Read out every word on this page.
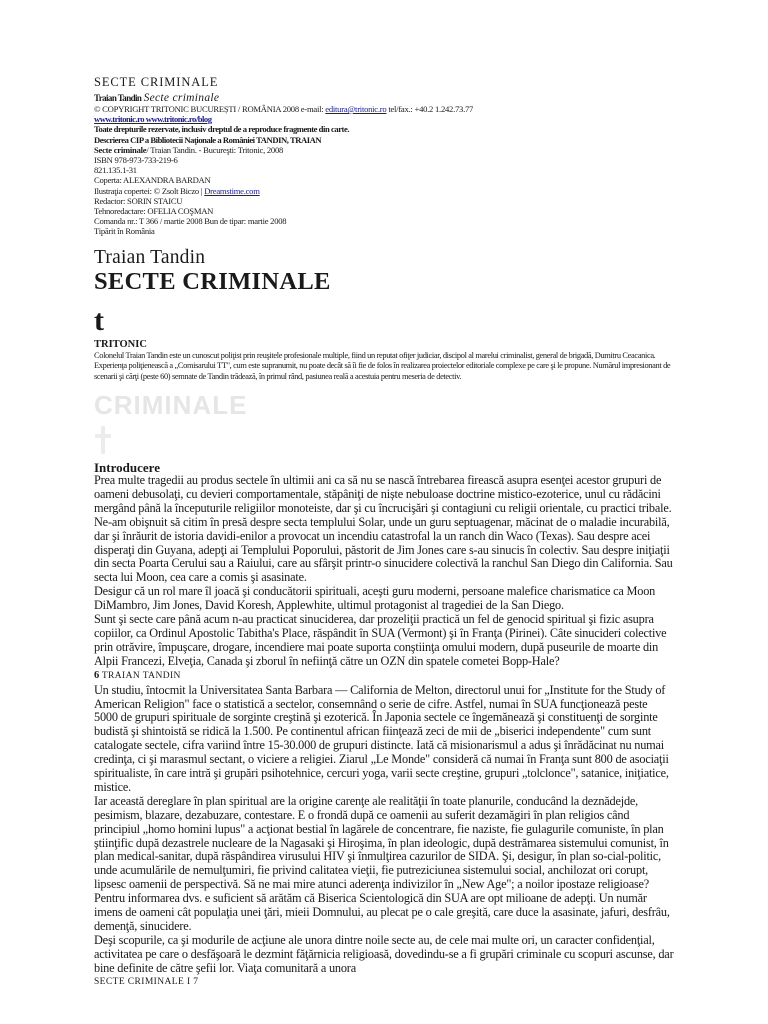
SECTE CRIMINALE
Traian Tandin Secte criminale
© COPYRIGHT TRITONIC BUCUREȘTI / ROMÂNIA 2008 e-mail: editura@tritonic.ro tel/fax.: +40.2 1.242.73.77
www.tritonic.ro www.tritonic.ro/blog
Toate drepturile rezervate, inclusiv dreptul de a reproduce fragmente din carte.
Descrierea CIP a Bibliotecii Naţionale a României TANDIN, TRAIAN
Secte criminale/ Traian Tandin. - Bucureşti: Tritonic, 2008
ISBN 978-973-733-219-6
821.135.1-31
Coperta: ALEXANDRA BARDAN
Ilustraţia copertei: © Zsolt Biczo | Dreamstime.com
Redactor: SORIN STAICU
Tehnoredactare: OFELIA COŞMAN
Comanda nr.: T 366 / martie 2008 Bun de tipar: martie 2008
Tipărit în România
Traian Tandin
SECTE CRIMINALE
t
TRITONIC
Colonelul Traian Tandin este un cunoscut poliţist prin reuşitele profesionale multiple, fiind un reputat ofiţer judiciar, discipol al marelui criminalist, general de brigadă, Dumitru Ceacanica. Experienţa poliţienească a „Comisarului TT", cum este supranumit, nu poate decât să îi fie de folos în realizarea proiectelor editoriale complexe pe care şi le propune. Numărul impresionant de scenarii şi cărţi (peste 60) semnate de Tandin trădează, în primul rând, pasiunea reală a acestuia pentru meseria de detectiv.
CRIMINALE
Introducere

Prea multe tragedii au produs sectele în ultimii ani ca să nu se nască întrebarea firească asupra esenţei acestor grupuri de oameni debusolaţi, cu devieri comportamentale, stăpâniţi de niște nebuloase doctrine mistico-ezoterice, unul cu rădăcini mergând până la începuturile religiilor monoteiste, dar şi cu încrucişări şi contagiuni cu religii orientale, cu practici tribale.

Ne-am obişnuit să citim în presă despre secta templului Solar, unde un guru septuagenar, măcinat de o maladie incurabilă, dar şi înrăurit de istoria davidi-enilor a provocat un incendiu catastrofal la un ranch din Waco (Texas). Sau despre acei disperaţi din Guyana, adepţi ai Templului Poporului, păstorit de Jim Jones care s-au sinucis în colectiv. Sau despre iniţiaţii din secta Poarta Cerului sau a Raiului, care au sfârşit printr-o sinucidere colectivă la ranchul San Diego din California. Sau secta lui Moon, cea care a comis şi asasinate.

Desigur că un rol mare îl joacă şi conducătorii spirituali, aceşti guru moderni, persoane malefice charismatice ca Moon DiMambro, Jim Jones, David Koresh, Applewhite, ultimul protagonist al tragediei de la San Diego.

Sunt şi secte care până acum n-au practicat sinuciderea, dar prozeliţii practică un fel de genocid spiritual şi fizic asupra copiilor, ca Ordinul Apostolic Tabitha's Place, răspândit în SUA (Vermont) şi în Franţa (Pirinei). Câte sinucideri colective prin otrăvire, împuşcare, drogare, incendiere mai poate suporta conştiinţa omului modern, după puseurile de moarte din Alpii Francezi, Elveţia, Canada şi zborul în nefiinţă către un OZN din spatele cometei Bopp-Hale?

6 TRAIAN TANDIN

Un studiu, întocmit la Universitatea Santa Barbara — California de Melton, directorul unui for „Institute for the Study of American Religion" face o statistică a sectelor, consemnând o serie de cifre. Astfel, numai în SUA funcţionează peste 5000 de grupuri spirituale de sorginte creştină şi ezoterică. În Japonia sectele ce îngemănează şi constituenţi de sorginte budistă şi shintoistă se ridică la 1.500. Pe continentul african fiinţează zeci de mii de „biserici independente" cum sunt catalogate sectele, cifra variind între 15-30.000 de grupuri distincte. Iată că misionarismul a adus şi înrădăcinat nu numai credinţa, ci şi marasmul sectant, o viciere a religiei. Ziarul „Le Monde" consideră că numai în Franţa sunt 800 de asociaţii spiritualiste, în care intră şi grupări psihotehnice, cercuri yoga, varii secte creştine, grupuri „tolclonce", satanice, iniţiatice, mistice.

Iar această dereglare în plan spiritual are la origine carenţe ale realităţii în toate planurile, conducând la deznădejde, pesimism, blazare, dezabuzare, contestare. E o frondă după ce oamenii au suferit dezamăgiri în plan religios când principiul „homo homini lupus" a acţionat bestial în lagărele de concentrare, fie naziste, fie gulagurile comuniste, în plan ştiinţific după dezastrele nucleare de la Nagasaki şi Hiroşima, în plan ideologic, după destrămarea sistemului comunist, în plan medical-sanitar, după răspândirea virusului HIV şi înmulţirea cazurilor de SIDA. Şi, desigur, în plan so-cial-politic, unde acumulările de nemulţumiri, fie privind calitatea vieţii, fie putreziciunea sistemului social, anchilozat ori corupt, lipsesc oamenii de perspectivă. Să ne mai mire atunci aderenţa indivizilor în „New Age"; a noilor ipostaze religioase? Pentru informarea dvs. e suficient să arătăm că Biserica Scientologică din SUA are opt milioane de adepţi. Un număr imens de oameni cât populaţia unei ţări, mieii Domnului, au plecat pe o cale greşită, care duce la asasinate, jafuri, desfrâu, demenţă, sinucidere.

Deşi scopurile, ca şi modurile de acţiune ale unora dintre noile secte au, de cele mai multe ori, un caracter confidenţial, activitatea pe care o desfăşoară le dezmint făţărnicia religioasă, dovedindu-se a fi grupări criminale cu scopuri ascunse, dar bine definite de către şefii lor. Viaţa comunitară a unora

SECTE CRIMINALE I 7
